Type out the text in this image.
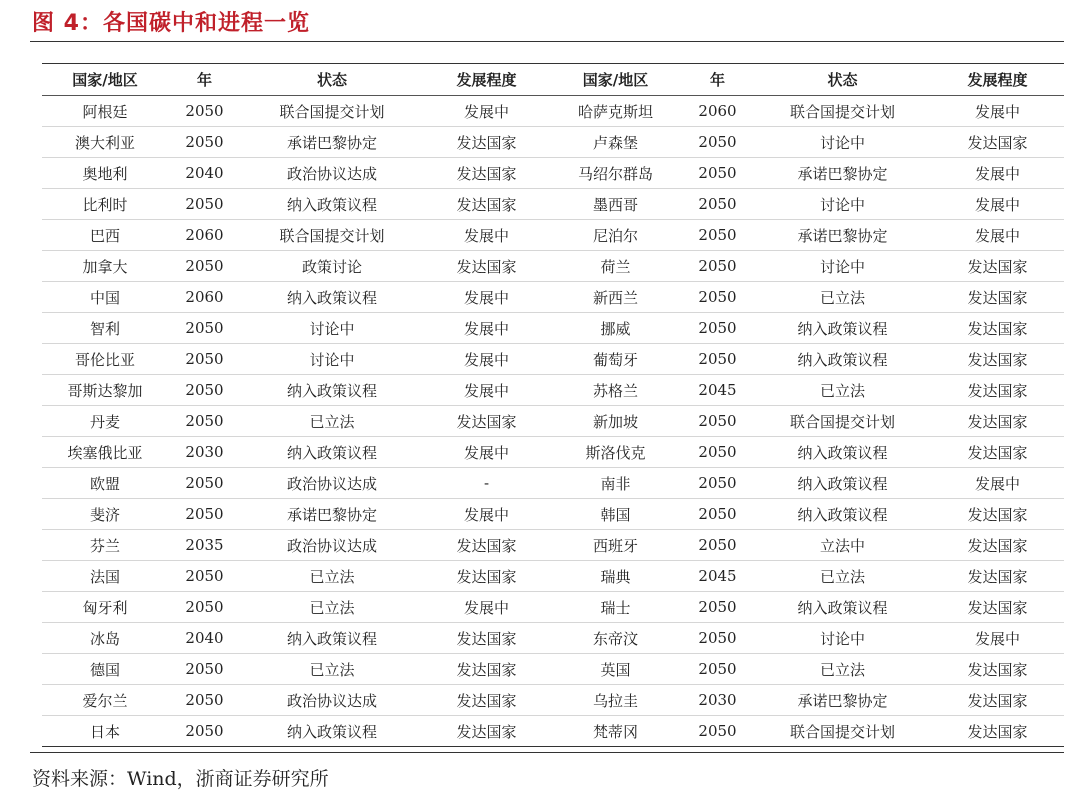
图 4：各国碳中和进程一览
国家/地区	年	状态	发展程度	国家/地区	年	状态	发展程度
阿根廷	2050	联合国提交计划	发展中	哈萨克斯坦	2060	联合国提交计划	发展中
澳大利亚	2050	承诺巴黎协定	发达国家	卢森堡	2050	讨论中	发达国家
奥地利	2040	政治协议达成	发达国家	马绍尔群岛	2050	承诺巴黎协定	发展中
比利时	2050	纳入政策议程	发达国家	墨西哥	2050	讨论中	发展中
巴西	2060	联合国提交计划	发展中	尼泊尔	2050	承诺巴黎协定	发展中
加拿大	2050	政策讨论	发达国家	荷兰	2050	讨论中	发达国家
中国	2060	纳入政策议程	发展中	新西兰	2050	已立法	发达国家
智利	2050	讨论中	发展中	挪威	2050	纳入政策议程	发达国家
哥伦比亚	2050	讨论中	发展中	葡萄牙	2050	纳入政策议程	发达国家
哥斯达黎加	2050	纳入政策议程	发展中	苏格兰	2045	已立法	发达国家
丹麦	2050	已立法	发达国家	新加坡	2050	联合国提交计划	发达国家
埃塞俄比亚	2030	纳入政策议程	发展中	斯洛伐克	2050	纳入政策议程	发达国家
欧盟	2050	政治协议达成	-	南非	2050	纳入政策议程	发展中
斐济	2050	承诺巴黎协定	发展中	韩国	2050	纳入政策议程	发达国家
芬兰	2035	政治协议达成	发达国家	西班牙	2050	立法中	发达国家
法国	2050	已立法	发达国家	瑞典	2045	已立法	发达国家
匈牙利	2050	已立法	发展中	瑞士	2050	纳入政策议程	发达国家
冰岛	2040	纳入政策议程	发达国家	东帝汶	2050	讨论中	发展中
德国	2050	已立法	发达国家	英国	2050	已立法	发达国家
爱尔兰	2050	政治协议达成	发达国家	乌拉圭	2030	承诺巴黎协定	发达国家
日本	2050	纳入政策议程	发达国家	梵蒂冈	2050	联合国提交计划	发达国家
资料来源：Wind，浙商证券研究所
